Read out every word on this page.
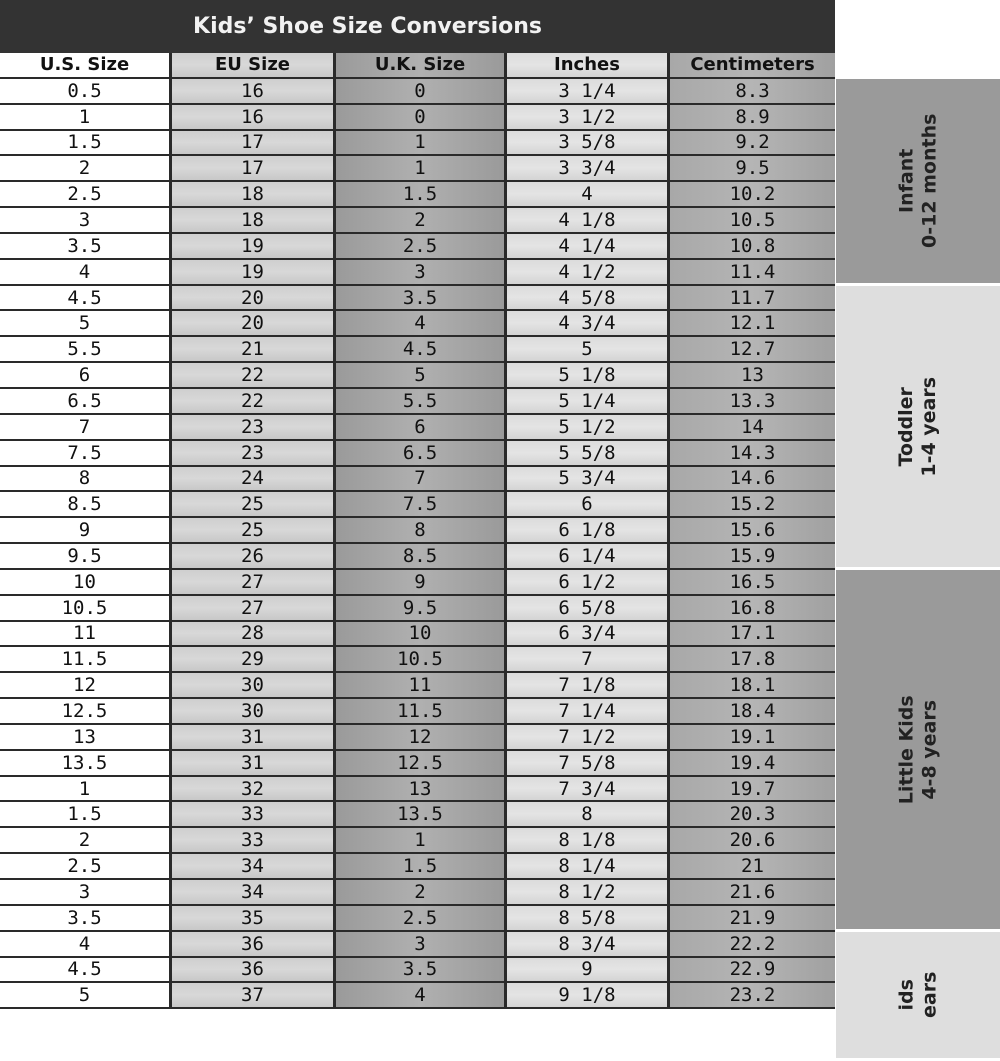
Kids’ Shoe Size Conversions
U.S. Size	EU Size	U.K. Size	Inches	Centimeters
0.5	16	0	3 1/4	8.3
1	16	0	3 1/2	8.9
1.5	17	1	3 5/8	9.2
2	17	1	3 3/4	9.5
2.5	18	1.5	4	10.2
3	18	2	4 1/8	10.5
3.5	19	2.5	4 1/4	10.8
4	19	3	4 1/2	11.4
4.5	20	3.5	4 5/8	11.7
5	20	4	4 3/4	12.1
5.5	21	4.5	5	12.7
6	22	5	5 1/8	13
6.5	22	5.5	5 1/4	13.3
7	23	6	5 1/2	14
7.5	23	6.5	5 5/8	14.3
8	24	7	5 3/4	14.6
8.5	25	7.5	6	15.2
9	25	8	6 1/8	15.6
9.5	26	8.5	6 1/4	15.9
10	27	9	6 1/2	16.5
10.5	27	9.5	6 5/8	16.8
11	28	10	6 3/4	17.1
11.5	29	10.5	7	17.8
12	30	11	7 1/8	18.1
12.5	30	11.5	7 1/4	18.4
13	31	12	7 1/2	19.1
13.5	31	12.5	7 5/8	19.4
1	32	13	7 3/4	19.7
1.5	33	13.5	8	20.3
2	33	1	8 1/8	20.6
2.5	34	1.5	8 1/4	21
3	34	2	8 1/2	21.6
3.5	35	2.5	8 5/8	21.9
4	36	3	8 3/4	22.2
4.5	36	3.5	9	22.9
5	37	4	9 1/8	23.2
Infant 0-12 months
Toddler 1-4 years
Little Kids 4-8 years
ids ears
